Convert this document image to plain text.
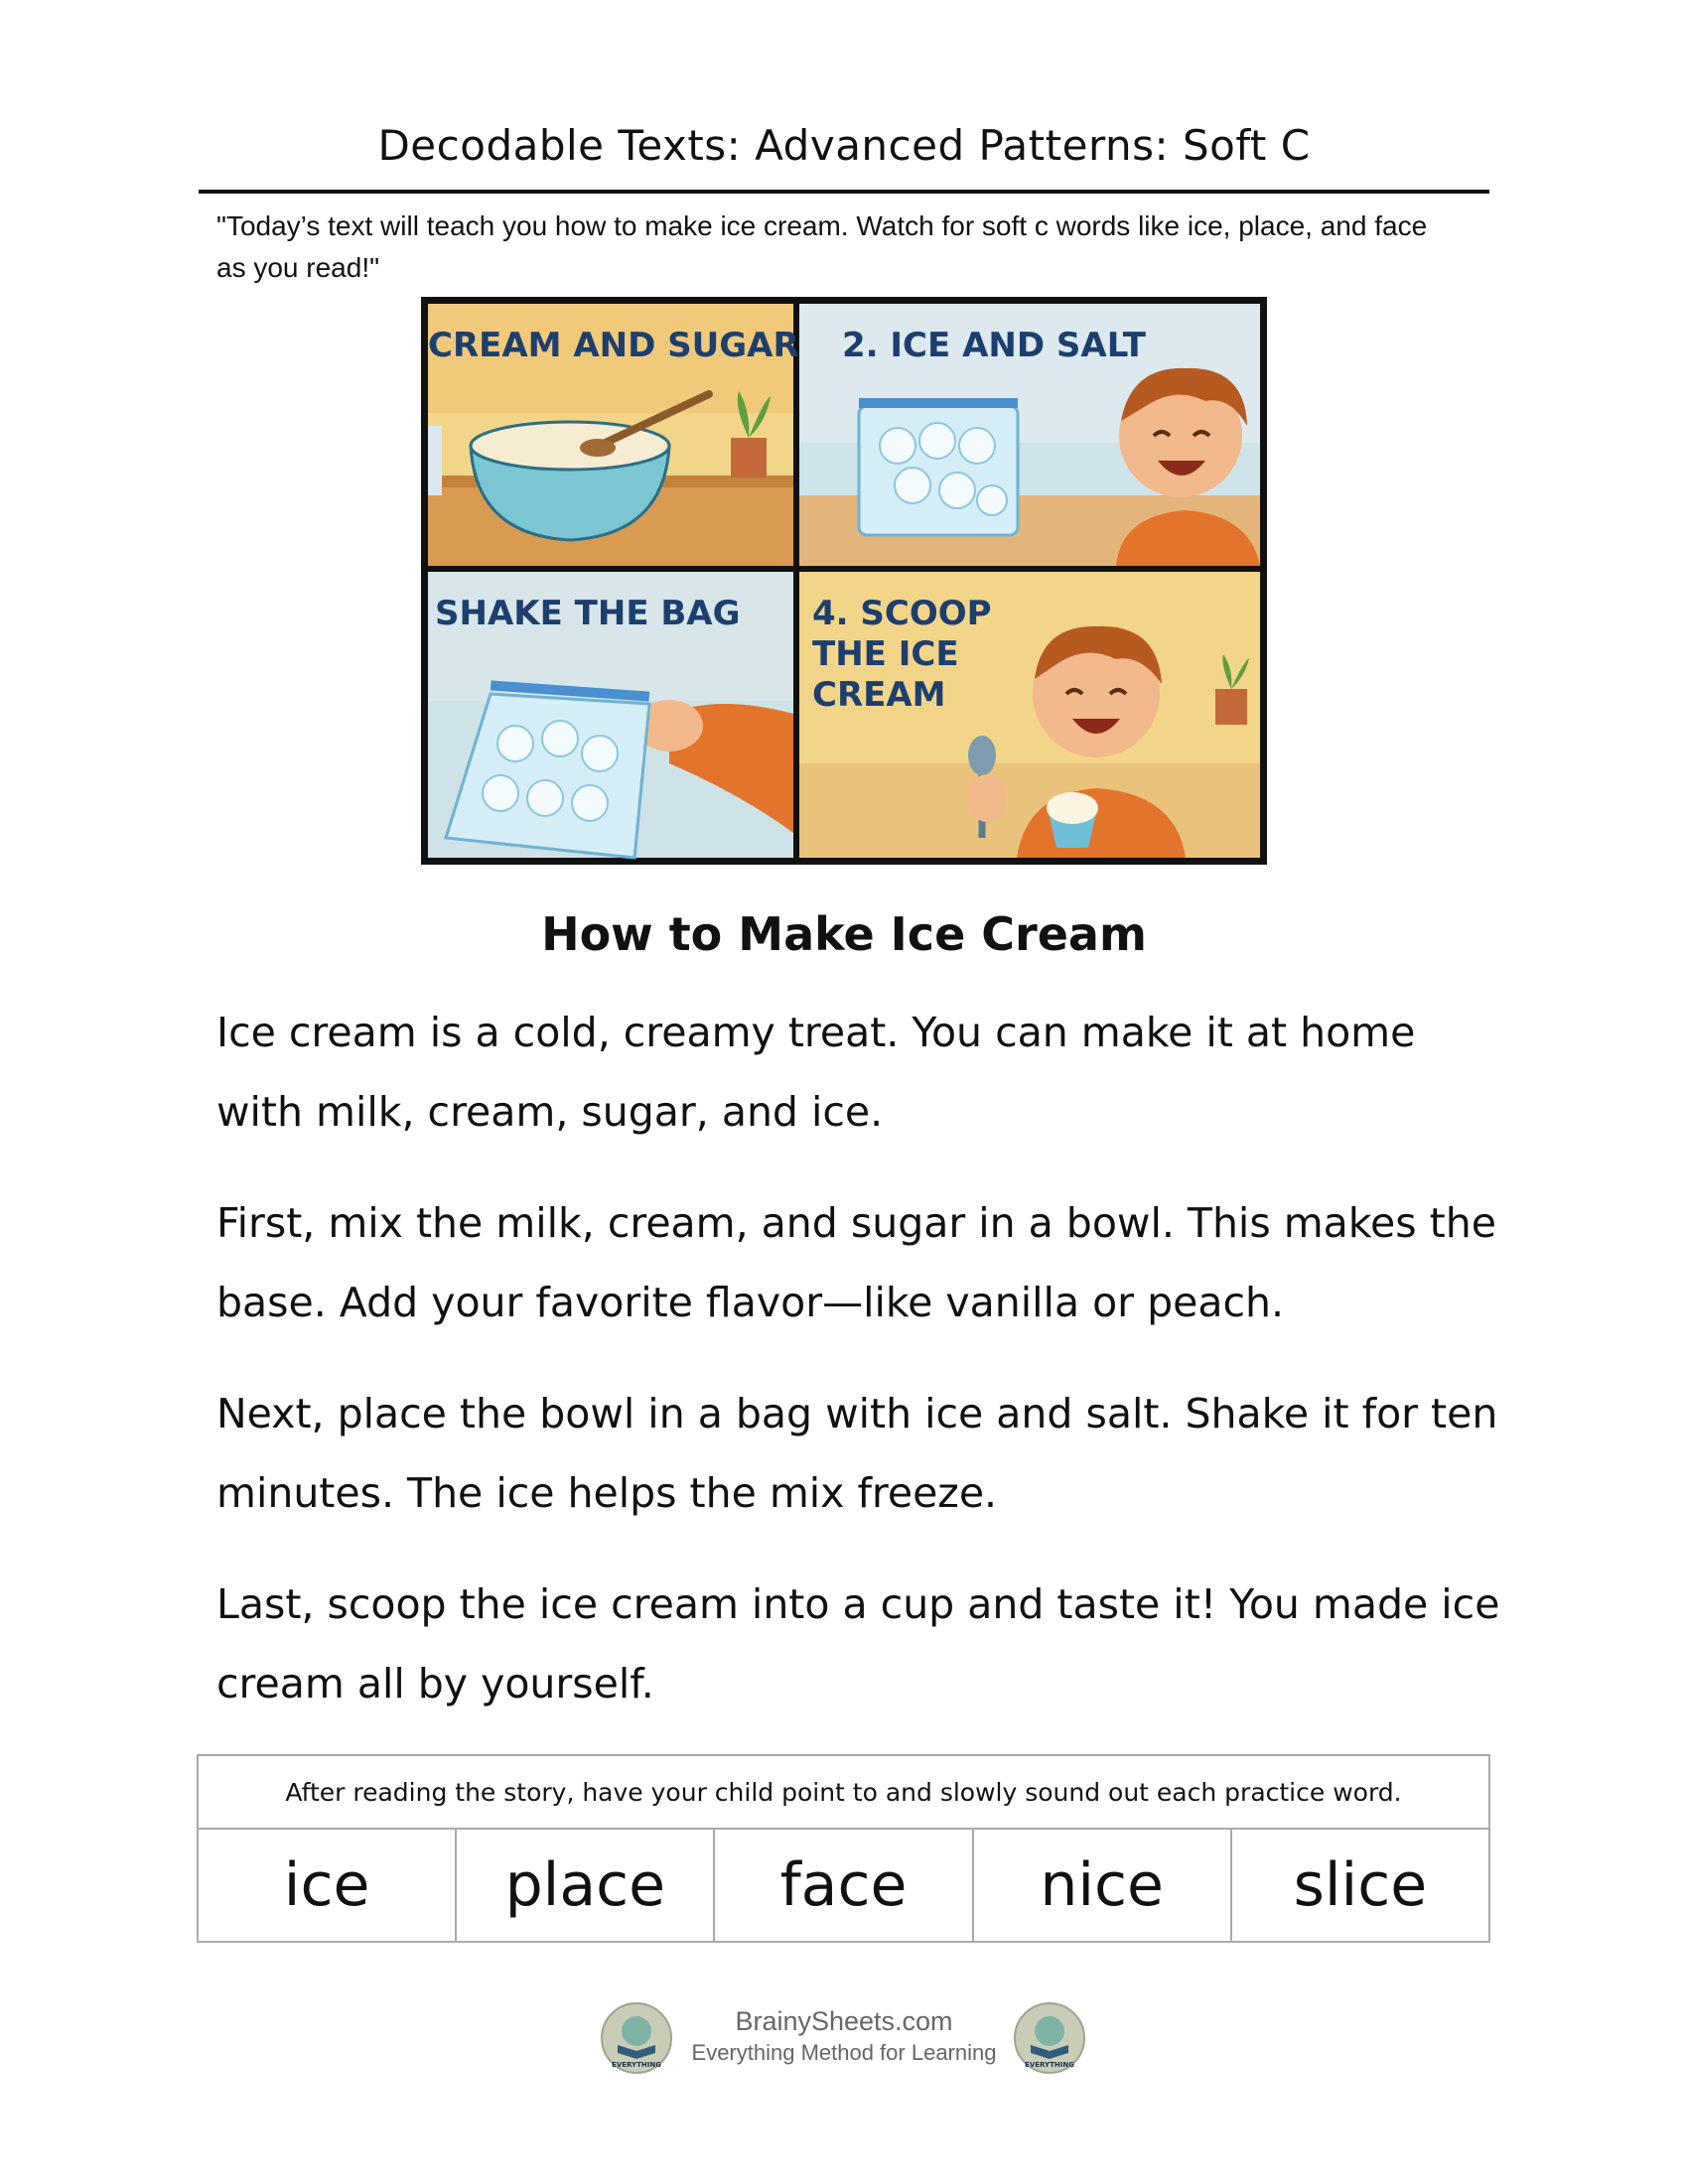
Decodable Texts: Advanced Patterns: Soft C
"Today’s text will teach you how to make ice cream. Watch for soft c words like ice, place, and face as you read!"
CREAM AND SUGAR 2. ICE AND SALT
SHAKE THE BAG 4. SCOOP
THE ICE
CREAM
How to Make Ice Cream

Ice cream is a cold, creamy treat. You can make it at home with milk, cream, sugar, and ice.

First, mix the milk, cream, and sugar in a bowl. This makes the base. Add your favorite flavor—like vanilla or peach.

Next, place the bowl in a bag with ice and salt. Shake it for ten minutes. The ice helps the mix freeze.

Last, scoop the ice cream into a cup and taste it! You made ice cream all by yourself.

After reading the story, have your child point to and slowly sound out each practice word.
ice	place	face	nice	slice
EVERYTHING
BrainySheets.com
Everything Method for Learning	EVERYTHING
